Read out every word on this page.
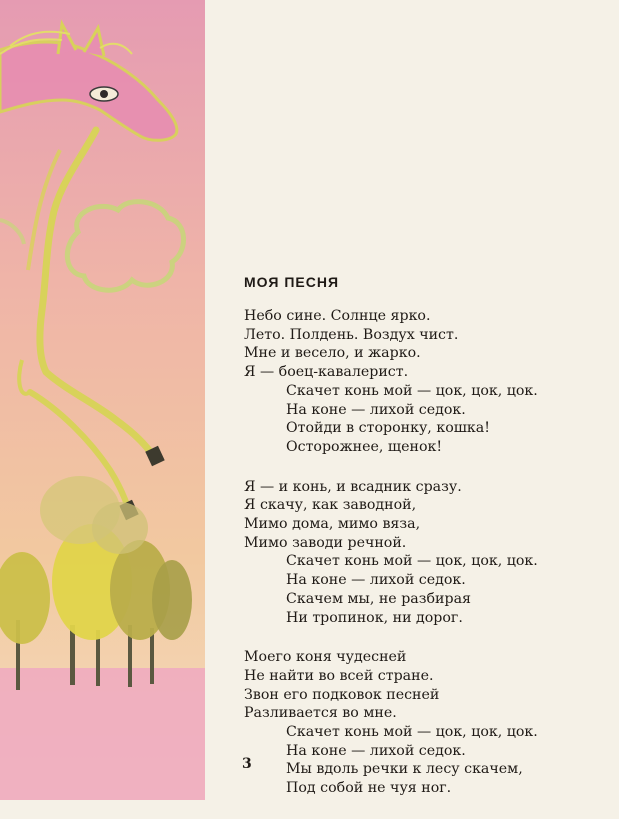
МОЯ ПЕСНЯ
Небо сине. Солнце ярко.
Лето. Полдень. Воздух чист.
Мне и весело, и жарко.
Я — боец-кавалерист.
Скачет конь мой — цок, цок, цок.
На коне — лихой седок.
Отойди в сторонку, кошка!
Осторожнее, щенок!
Я — и конь, и всадник сразу.
Я скачу, как заводной,
Мимо дома, мимо вяза,
Мимо заводи речной.
Скачет конь мой — цок, цок, цок.
На коне — лихой седок.
Скачем мы, не разбирая
Ни тропинок, ни дорог.
Моего коня чудесней
Не найти во всей стране.
Звон его подковок песней
Разливается во мне.
Скачет конь мой — цок, цок, цок.
На коне — лихой седок.
Мы вдоль речки к лесу скачем,
Под собой не чуя ног.
3
